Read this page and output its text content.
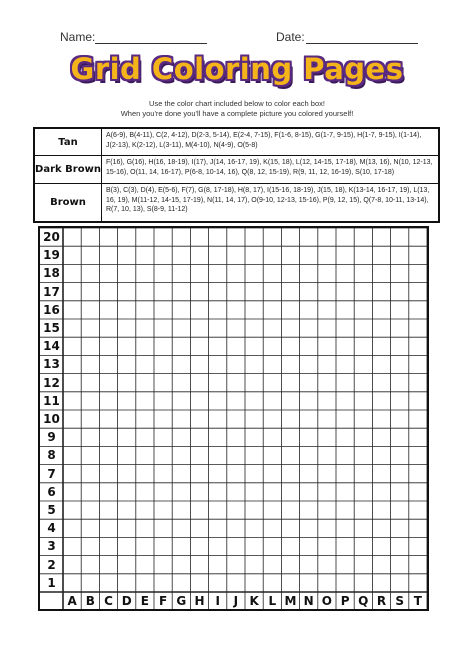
Name:	Date:
Grid Coloring Pages
Use the color chart included below to color each box!
When you're done you'll have a complete picture you colored yourself!
Tan
A(6-9), B(4-11), C(2, 4-12), D(2-3, 5-14), E(2-4, 7-15), F(1-6, 8-15), G(1-7, 9-15), H(1-7, 9-15), I(1-14), J(2-13), K(2-12), L(3-11), M(4-10), N(4-9), O(5-8)
Dark Brown
F(16), G(16), H(16, 18-19), I(17), J(14, 16-17, 19), K(15, 18), L(12, 14-15, 17-18), M(13, 16), N(10, 12-13, 15-16), O(11, 14, 16-17), P(6-8, 10-14, 16), Q(8, 12, 15-19), R(9, 11, 12, 16-19), S(10, 17-18)
Brown
B(3), C(3), D(4), E(5-6), F(7), G(8, 17-18), H(8, 17), I(15-16, 18-19), J(15, 18), K(13-14, 16-17, 19), L(13, 16, 19), M(11-12, 14-15, 17-19), N(11, 14, 17), O(9-10, 12-13, 15-16), P(9, 12, 15), Q(7-8, 10-11, 13-14), R(7, 10, 13), S(8-9, 11-12)
20
19
18
17
16
15
14
13
12
11
10
9
8
7
6
5
4
3
2
1
A B C D E F G H I	J K L M N O P Q R S T
